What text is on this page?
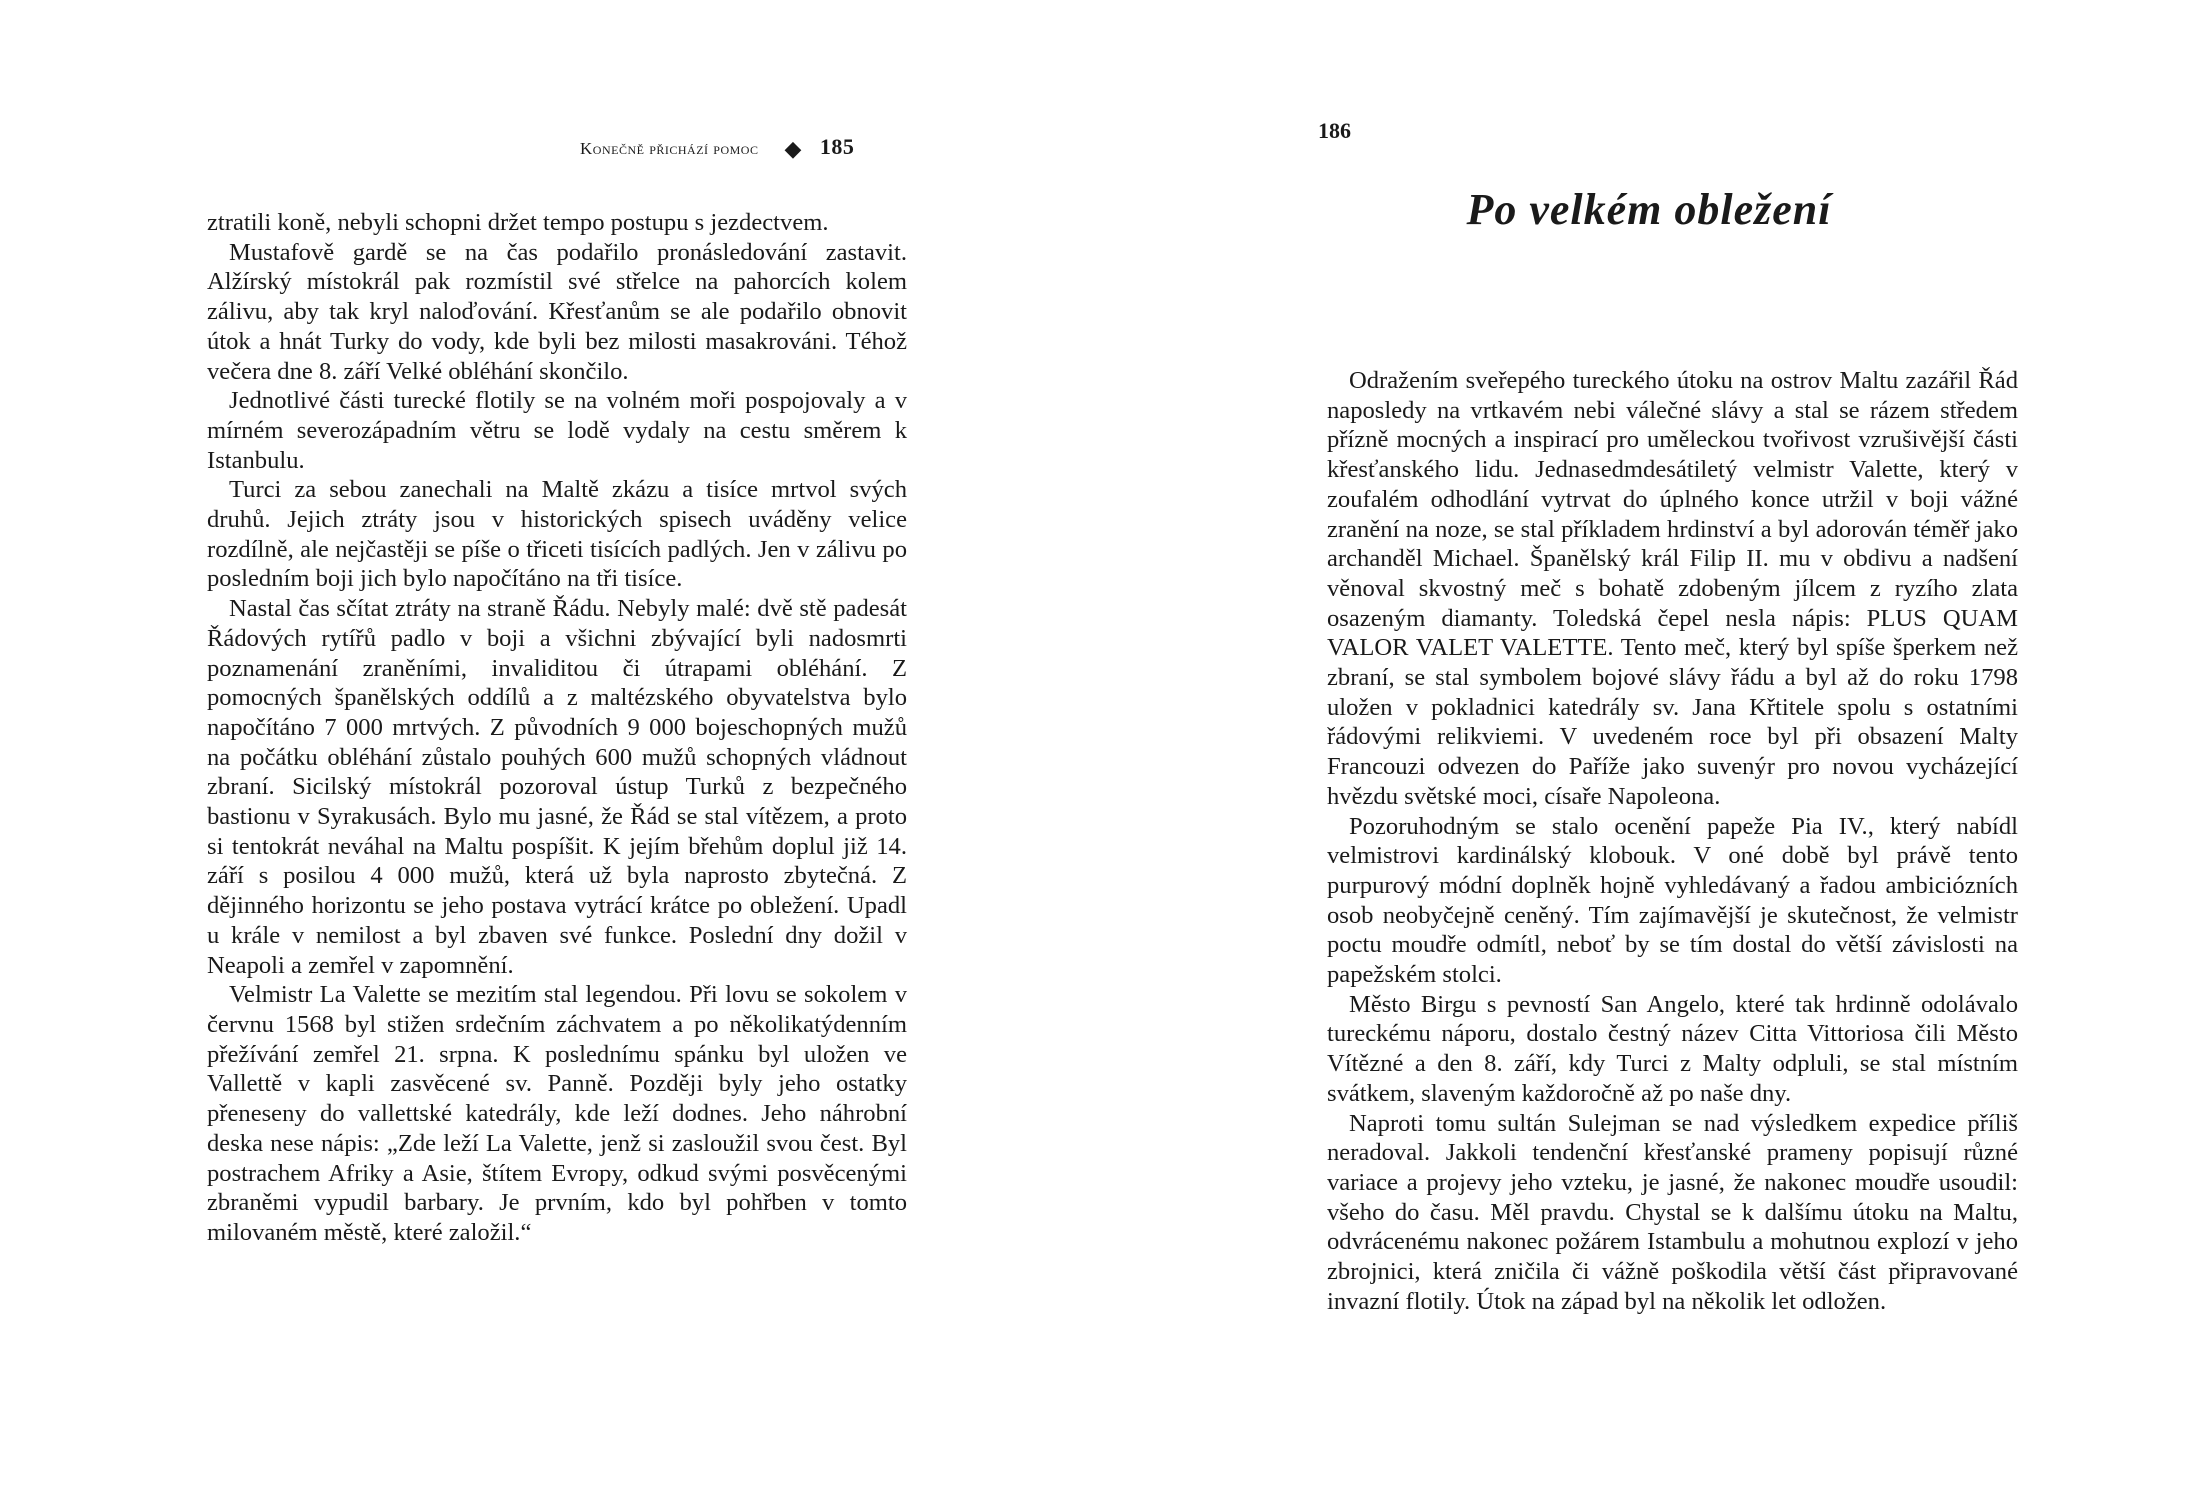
Konečně přichází pomoc ◆ 185

ztratili koně, nebyli schopni držet tempo postupu s jezdectvem.

Mustafově gardě se na čas podařilo pronásledování zastavit. Alžírský místokrál pak rozmístil své střelce na pahorcích kolem zálivu, aby tak kryl naloďování. Křesťanům se ale podařilo obnovit útok a hnát Turky do vody, kde byli bez milosti masakrováni. Téhož večera dne 8. září Velké obléhání skončilo.

Jednotlivé části turecké flotily se na volném moři pospojovaly a v mírném severozápadním větru se lodě vydaly na cestu směrem k Istanbulu.

Turci za sebou zanechali na Maltě zkázu a tisíce mrtvol svých druhů. Jejich ztráty jsou v historických spisech uváděny velice rozdílně, ale nejčastěji se píše o třiceti tisících padlých. Jen v zálivu po posledním boji jich bylo napočítáno na tři tisíce.

Nastal čas sčítat ztráty na straně Řádu. Nebyly malé: dvě stě padesát Řádových rytířů padlo v boji a všichni zbývající byli nadosmrti poznamenání zraněními, invaliditou či útrapami obléhání. Z pomocných španělských oddílů a z maltézského obyvatelstva bylo napočítáno 7 000 mrtvých. Z původních 9 000 bojeschopných mužů na počátku obléhání zůstalo pouhých 600 mužů schopných vládnout zbraní. Sicilský místokrál pozoroval ústup Turků z bezpečného bastionu v Syrakusách. Bylo mu jasné, že Řád se stal vítězem, a proto si tentokrát neváhal na Maltu pospíšit. K jejím břehům doplul již 14. září s posilou 4 000 mužů, která už byla naprosto zbytečná. Z dějinného horizontu se jeho postava vytrácí krátce po obležení. Upadl u krále v nemilost a byl zbaven své funkce. Poslední dny dožil v Neapoli a zemřel v zapomnění.

Velmistr La Valette se mezitím stal legendou. Při lovu se sokolem v červnu 1568 byl stižen srdečním záchvatem a po několikatýdenním přežívání zemřel 21. srpna. K poslednímu spánku byl uložen ve Vallettě v kapli zasvěcené sv. Panně. Později byly jeho ostatky přeneseny do vallettské katedrály, kde leží dodnes. Jeho náhrobní deska nese nápis: „Zde leží La Valette, jenž si zasloužil svou čest. Byl postrachem Afriky a Asie, štítem Evropy, odkud svými posvěcenými zbraněmi vypudil barbary. Je prvním, kdo byl pohřben v tomto milovaném městě, které založil.“

186
Po velkém obležení

Odražením sveřepého tureckého útoku na ostrov Maltu zazářil Řád naposledy na vrtkavém nebi válečné slávy a stal se rázem středem přízně mocných a inspirací pro uměleckou tvořivost vzrušivější části křesťanského lidu. Jednasedmdesátiletý velmistr Valette, který v zoufalém odhodlání vytrvat do úplného konce utržil v boji vážné zranění na noze, se stal příkladem hrdinství a byl adorován téměř jako archanděl Michael. Španělský král Filip II. mu v obdivu a nadšení věnoval skvostný meč s bohatě zdobeným jílcem z ryzího zlata osazeným diamanty. Toledská čepel nesla nápis: PLUS QUAM VALOR VALET VALETTE. Tento meč, který byl spíše šperkem než zbraní, se stal symbolem bojové slávy řádu a byl až do roku 1798 uložen v pokladnici katedrály sv. Jana Křtitele spolu s ostatními řádovými relikviemi. V uvedeném roce byl při obsazení Malty Francouzi odvezen do Paříže jako suvenýr pro novou vycházející hvězdu světské moci, císaře Napoleona.

Pozoruhodným se stalo ocenění papeže Pia IV., který nabídl velmistrovi kardinálský klobouk. V oné době byl právě tento purpurový módní doplněk hojně vyhledávaný a řadou ambiciózních osob neobyčejně ceněný. Tím zajímavější je skutečnost, že velmistr poctu moudře odmítl, neboť by se tím dostal do větší závislosti na papežském stolci.

Město Birgu s pevností San Angelo, které tak hrdinně odolávalo tureckému náporu, dostalo čestný název Citta Vittoriosa čili Město Vítězné a den 8. září, kdy Turci z Malty odpluli, se stal místním svátkem, slaveným každoročně až po naše dny.

Naproti tomu sultán Sulejman se nad výsledkem expedice příliš neradoval. Jakkoli tendenční křesťanské prameny popisují různé variace a projevy jeho vzteku, je jasné, že nakonec moudře usoudil: všeho do času. Měl pravdu. Chystal se k dalšímu útoku na Maltu, odvrácenému nakonec požárem Istambulu a mohutnou explozí v jeho zbrojnici, která zničila či vážně poškodila větší část připravované invazní flotily. Útok na západ byl na několik let odložen.
